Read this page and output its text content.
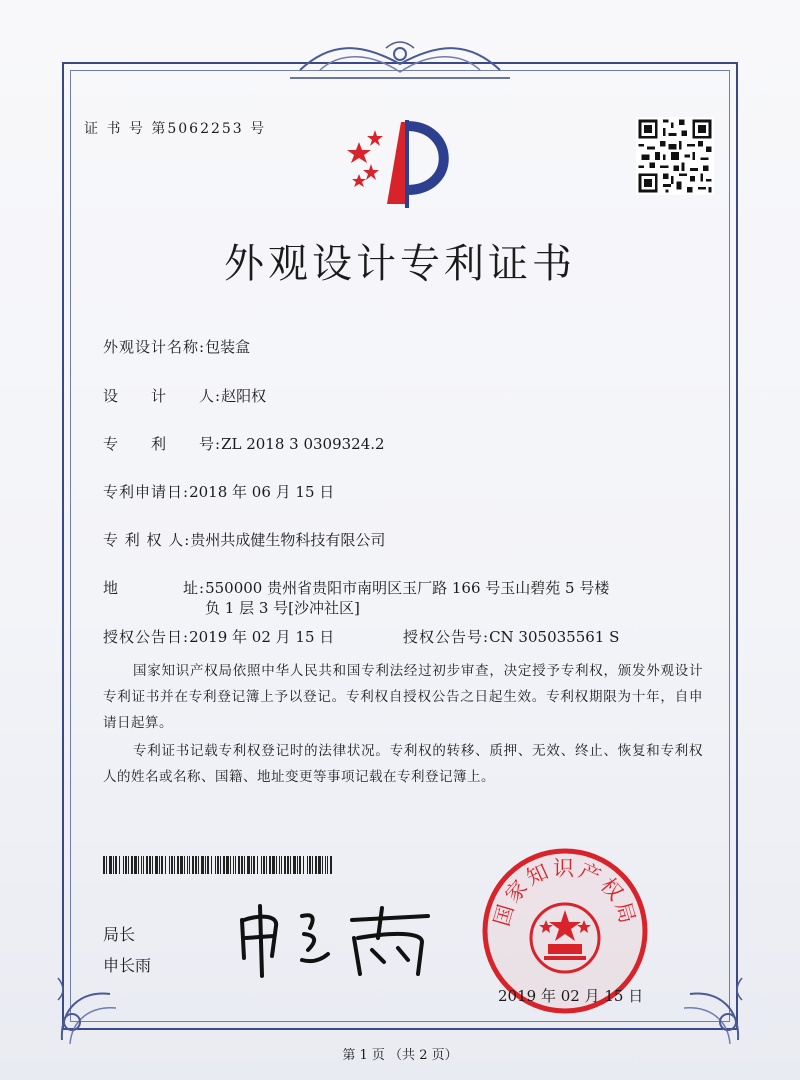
证 书 号 第5062253 号
外观设计专利证书
外观设计名称:包装盒
设　　计　　人:赵阳权
专　　利　　号:ZL 2018 3 0309324.2
专利申请日:2018 年 06 月 15 日
专 利 权 人:贵州共成健生物科技有限公司
地　　　　址:550000 贵州省贵阳市南明区玉厂路 166 号玉山碧苑 5 号楼
负 1 层 3 号[沙冲社区]
授权公告日:2019 年 02 月 15 日	授权公告号:CN 305035561 S
国家知识产权局依照中华人民共和国专利法经过初步审查，决定授予专利权，颁发外观设计专利证书并在专利登记簿上予以登记。专利权自授权公告之日起生效。专利权期限为十年，自申请日起算。
专利证书记载专利权登记时的法律状况。专利权的转移、质押、无效、终止、恢复和专利权人的姓名或名称、国籍、地址变更等事项记载在专利登记簿上。
局长
申长雨
国家知识产权局
2019 年 02 月 15 日
第 1 页 （共 2 页）
